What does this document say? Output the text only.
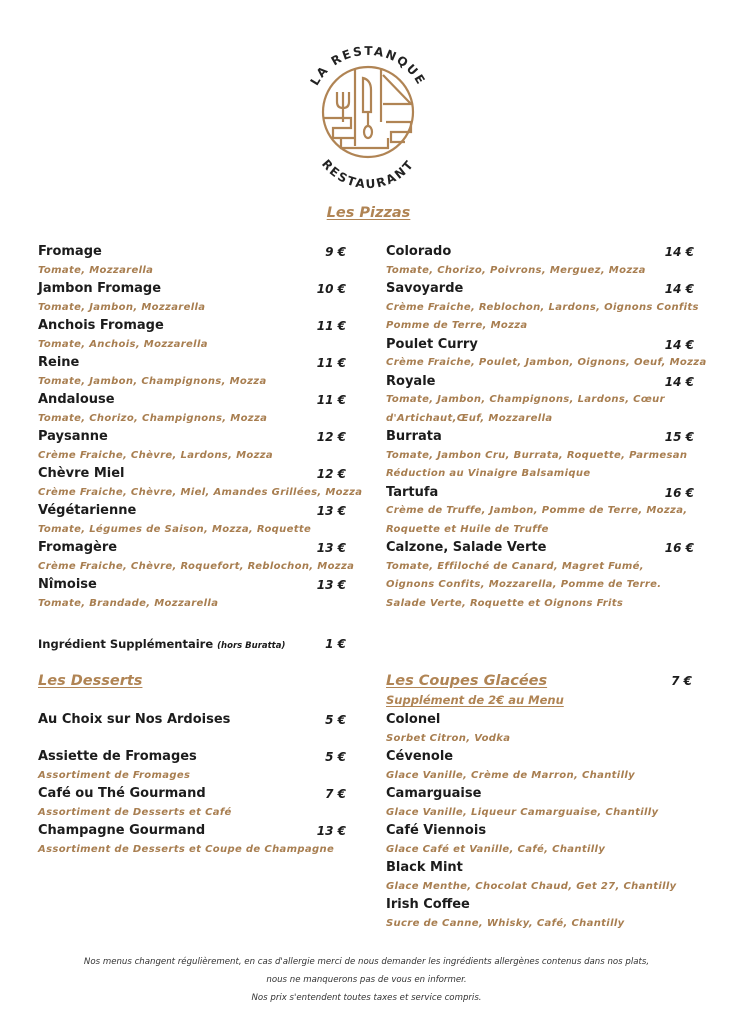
LA RESTANQUE
RESTAURANT
Les Pizzas
Fromage	9 €
Tomate, Mozzarella
Jambon Fromage	10 €
Tomate, Jambon, Mozzarella
Anchois Fromage	11 €
Tomate, Anchois, Mozzarella
Reine	11 €
Tomate, Jambon, Champignons, Mozza
Andalouse	11 €
Tomate, Chorizo, Champignons, Mozza
Paysanne	12 €
Crème Fraiche, Chèvre, Lardons, Mozza
Chèvre Miel	12 €
Crème Fraiche, Chèvre, Miel, Amandes Grillées, Mozza
Végétarienne	13 €
Tomate, Légumes de Saison, Mozza, Roquette
Fromagère	13 €
Crème Fraiche, Chèvre, Roquefort, Reblochon, Mozza
Nîmoise	13 €
Tomate, Brandade, Mozzarella
Colorado	14 €
Tomate, Chorizo, Poivrons, Merguez, Mozza
Savoyarde	14 €
Crème Fraiche, Reblochon, Lardons, Oignons Confits
Pomme de Terre, Mozza
Poulet Curry	14 €
Crème Fraiche, Poulet, Jambon, Oignons, Oeuf, Mozza
Royale	14 €
Tomate, Jambon, Champignons, Lardons, Cœur
d'Artichaut,Œuf, Mozzarella
Burrata	15 €
Tomate, Jambon Cru, Burrata, Roquette, Parmesan
Réduction au Vinaigre Balsamique
Tartufa	16 €
Crème de Truffe, Jambon, Pomme de Terre, Mozza,
Roquette et Huile de Truffe
Calzone, Salade Verte	16 €
Tomate, Effiloché de Canard, Magret Fumé,
Oignons Confits, Mozzarella, Pomme de Terre.
Salade Verte, Roquette et Oignons Frits
Ingrédient Supplémentaire (hors Buratta)	1 €
Les Desserts
Au Choix sur Nos Ardoises	5 €
Assiette de Fromages	5 €
Assortiment de Fromages
Café ou Thé Gourmand	7 €
Assortiment de Desserts et Café
Champagne Gourmand	13 €
Assortiment de Desserts et Coupe de Champagne
Les Coupes Glacées	7 €
Supplément de 2€ au Menu
Colonel
Sorbet Citron, Vodka
Cévenole
Glace Vanille, Crème de Marron, Chantilly
Camarguaise
Glace Vanille, Liqueur Camarguaise, Chantilly
Café Viennois
Glace Café et Vanille, Café, Chantilly
Black Mint
Glace Menthe, Chocolat Chaud, Get 27, Chantilly
Irish Coffee
Sucre de Canne, Whisky, Café, Chantilly
Nos menus changent régulièrement, en cas d'allergie merci de nous demander les ingrédients allergènes contenus dans nos plats,
nous ne manquerons pas de vous en informer.
Nos prix s'entendent toutes taxes et service compris.
